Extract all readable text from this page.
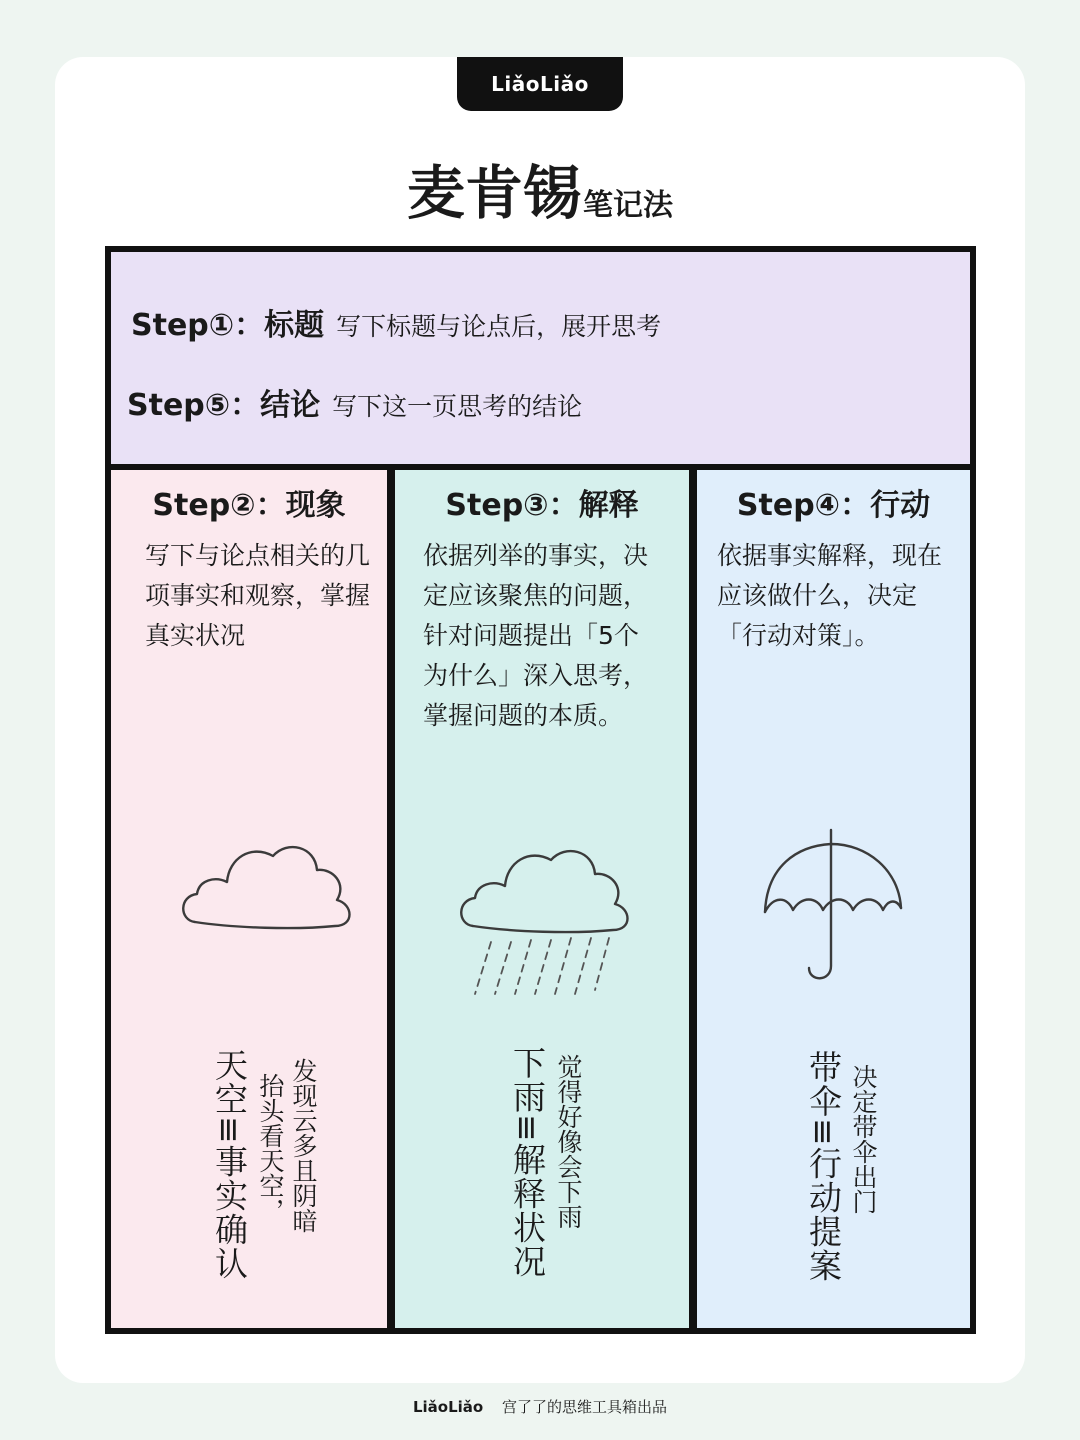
LiǎoLiǎo
麦肯锡 笔记法
Step①：标题 写下标题与论点后，展开思考
Step⑤：结论 写下这一页思考的结论
Step②：现象
写下与论点相关的几项事实和观察，掌握真实状况
天空≡事实确认 抬头看天空， 发现云多且阴暗
Step③：解释
依据列举的事实，决定应该聚焦的问题，针对问题提出「5个为什么」深入思考，掌握问题的本质。
下雨≡解释状况 觉得好像会下雨
Step④：行动
依据事实解释，现在应该做什么，决定「行动对策」。
带伞≡行动提案 决定带伞出门
LiǎoLiǎo 宫了了的思维工具箱出品
